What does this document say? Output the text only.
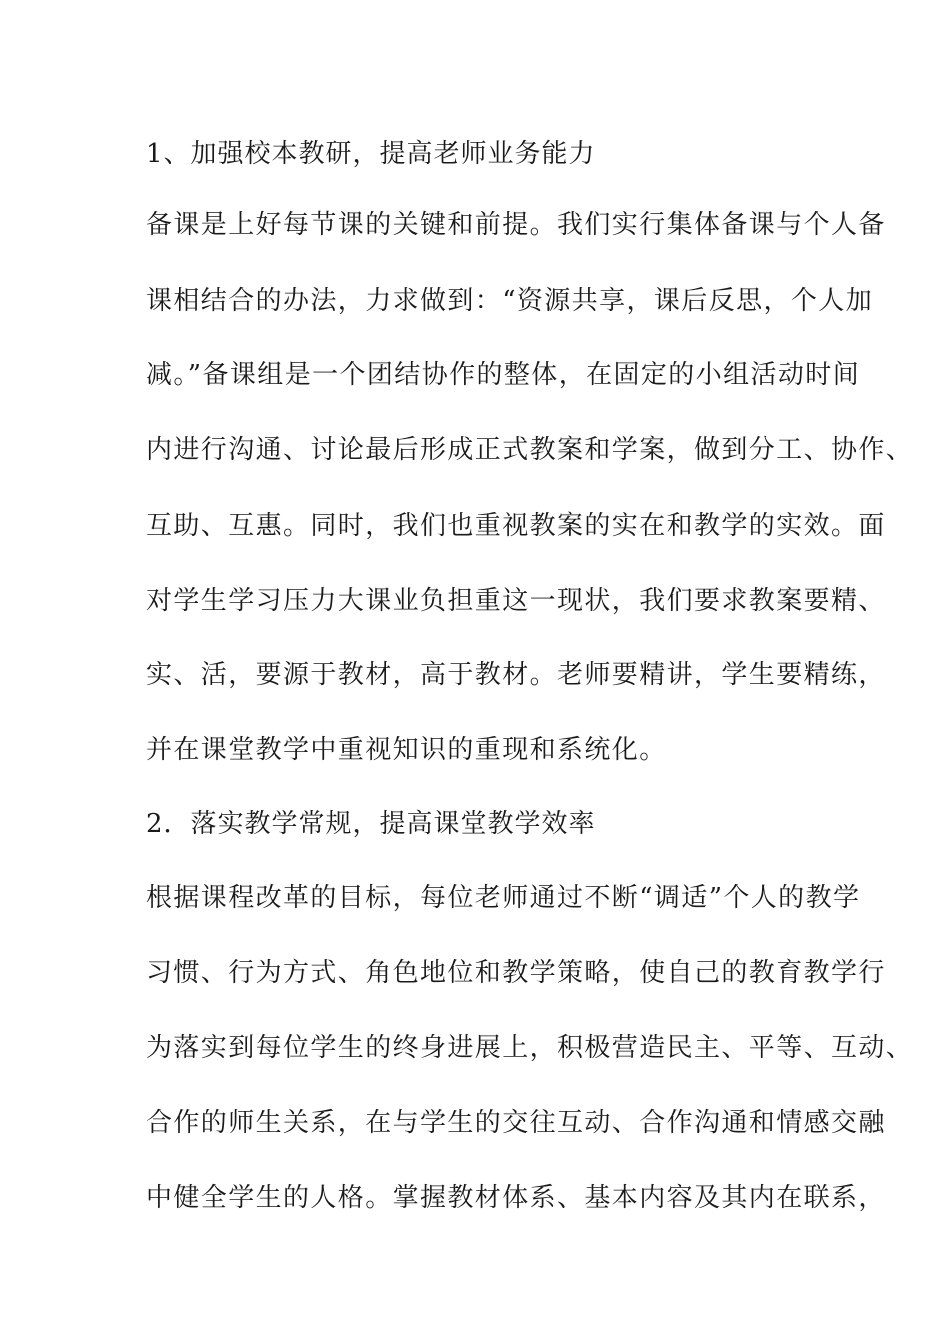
1、加强校本教研，提高老师业务能力
备课是上好每节课的关键和前提。我们实行集体备课与个人备
课相结合的办法，力求做到：“资源共享，课后反思，个人加
减。”备课组是一个团结协作的整体，在固定的小组活动时间
内进行沟通、讨论最后形成正式教案和学案，做到分工、协作、
互助、互惠。同时，我们也重视教案的实在和教学的实效。面
对学生学习压力大课业负担重这一现状，我们要求教案要精、
实、活，要源于教材，高于教材。老师要精讲，学生要精练，
并在课堂教学中重视知识的重现和系统化。
2．落实教学常规，提高课堂教学效率
根据课程改革的目标，每位老师通过不断“调适”个人的教学
习惯、行为方式、角色地位和教学策略，使自己的教育教学行
为落实到每位学生的终身进展上，积极营造民主、平等、互动、
合作的师生关系，在与学生的交往互动、合作沟通和情感交融
中健全学生的人格。掌握教材体系、基本内容及其内在联系，
